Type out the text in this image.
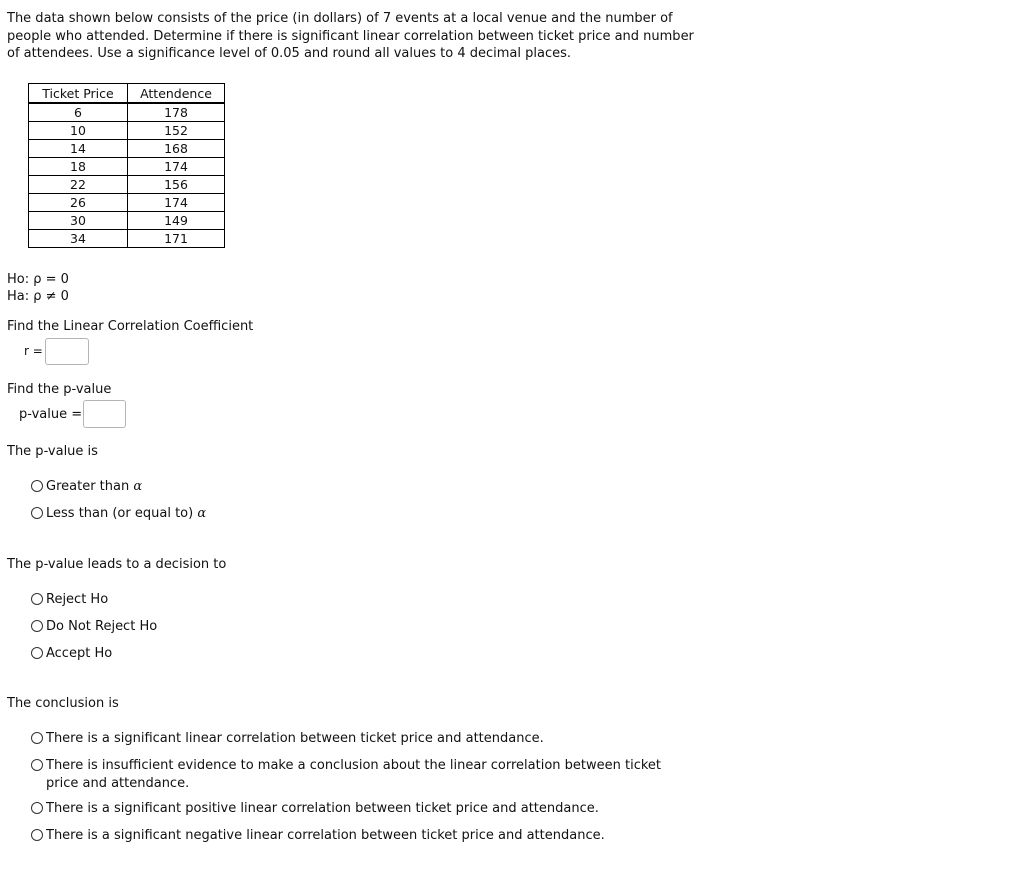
The data shown below consists of the price (in dollars) of 7 events at a local venue and the number of people who attended. Determine if there is significant linear correlation between ticket price and number of attendees. Use a significance level of 0.05 and round all values to 4 decimal places.
Ticket Price	Attendence
6	178
10	152
14	168
18	174
22	156
26	174
30	149
34	171
Ho: ρ = 0
Ha: ρ ≠ 0
Find the Linear Correlation Coefficient
r =
Find the p-value
p-value =
The p-value is
Greater than α
Less than (or equal to) α
The p-value leads to a decision to
Reject Ho
Do Not Reject Ho
Accept Ho
The conclusion is
There is a significant linear correlation between ticket price and attendance.
There is insufficient evidence to make a conclusion about the linear correlation between ticket price and attendance.
There is a significant positive linear correlation between ticket price and attendance.
There is a significant negative linear correlation between ticket price and attendance.
